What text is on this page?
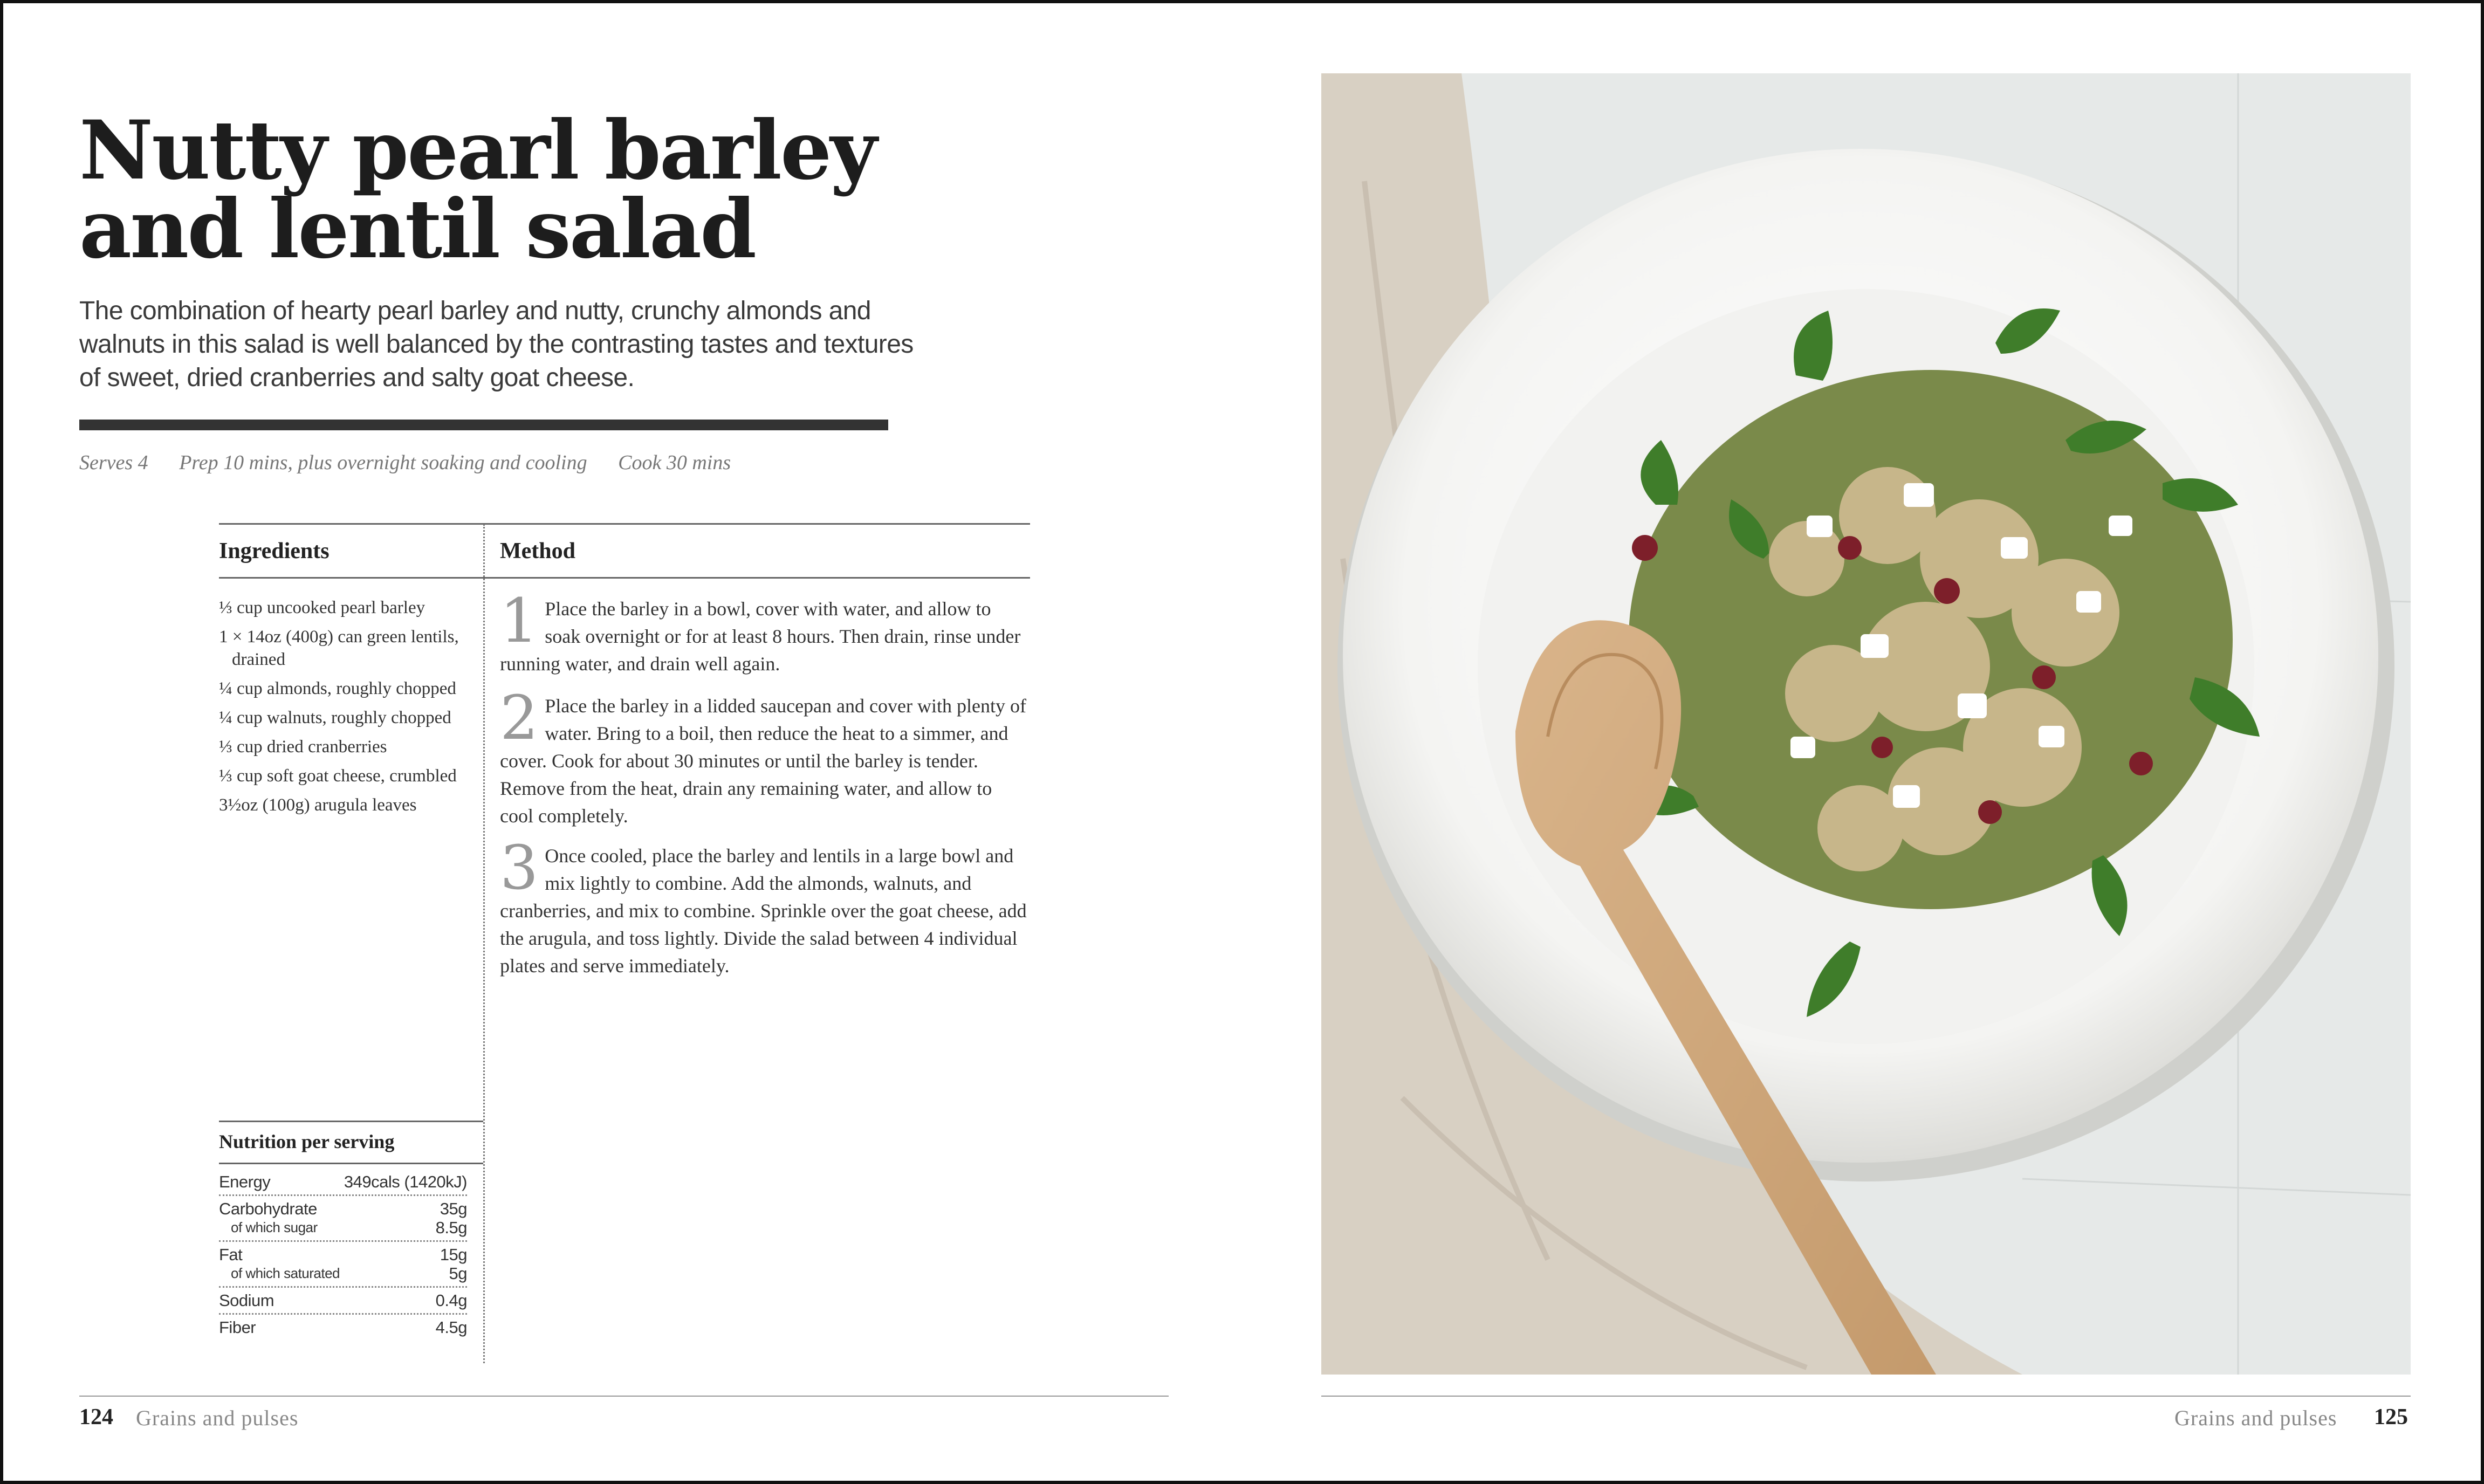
Nutty pearl barley
and lentil salad
The combination of hearty pearl barley and nutty, crunchy almonds and
walnuts in this salad is well balanced by the contrasting tastes and textures
of sweet, dried cranberries and salty goat cheese.
Serves 4 Prep 10 mins, plus overnight soaking and cooling Cook 30 mins
Ingredients	Method
⅓ cup uncooked pearl barley
1 × 14oz (400g) can green lentils, drained
¼ cup almonds, roughly chopped
¼ cup walnuts, roughly chopped
⅓ cup dried cranberries
⅓ cup soft goat cheese, crumbled
3½oz (100g) arugula leaves
1 Place the barley in a bowl, cover with water, and allow to soak overnight or for at least 8 hours. Then drain, rinse under running water, and drain well again.
2 Place the barley in a lidded saucepan and cover with plenty of water. Bring to a boil, then reduce the heat to a simmer, and cover. Cook for about 30 minutes or until the barley is tender. Remove from the heat, drain any remaining water, and allow to cool completely.
3 Once cooled, place the barley and lentils in a large bowl and mix lightly to combine. Add the almonds, walnuts, and cranberries, and mix to combine. Sprinkle over the goat cheese, add the arugula, and toss lightly. Divide the salad between 4 individual plates and serve immediately.
Nutrition per serving
Energy	349cals (1420kJ)
Carbohydrate	35g
of which sugar	8.5g
Fat	15g
of which saturated	5g
Sodium	0.4g
Fiber	4.5g
124 Grains and pulses	Grains and pulses 125
